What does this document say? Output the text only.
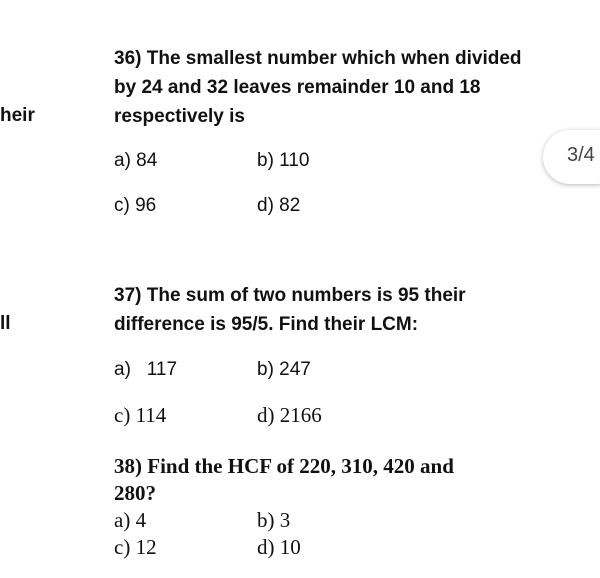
heir
ll
36) The smallest number which when divided
by 24 and 32 leaves remainder 10 and 18
respectively is
a) 84	b) 110
c) 96	d) 82
3/4
37) The sum of two numbers is 95 their
difference is 95/5. Find their LCM:
a)   117	b) 247
c) 114	d) 2166
38) Find the HCF of 220, 310, 420 and
280?
a) 4	b) 3
c) 12	d) 10
